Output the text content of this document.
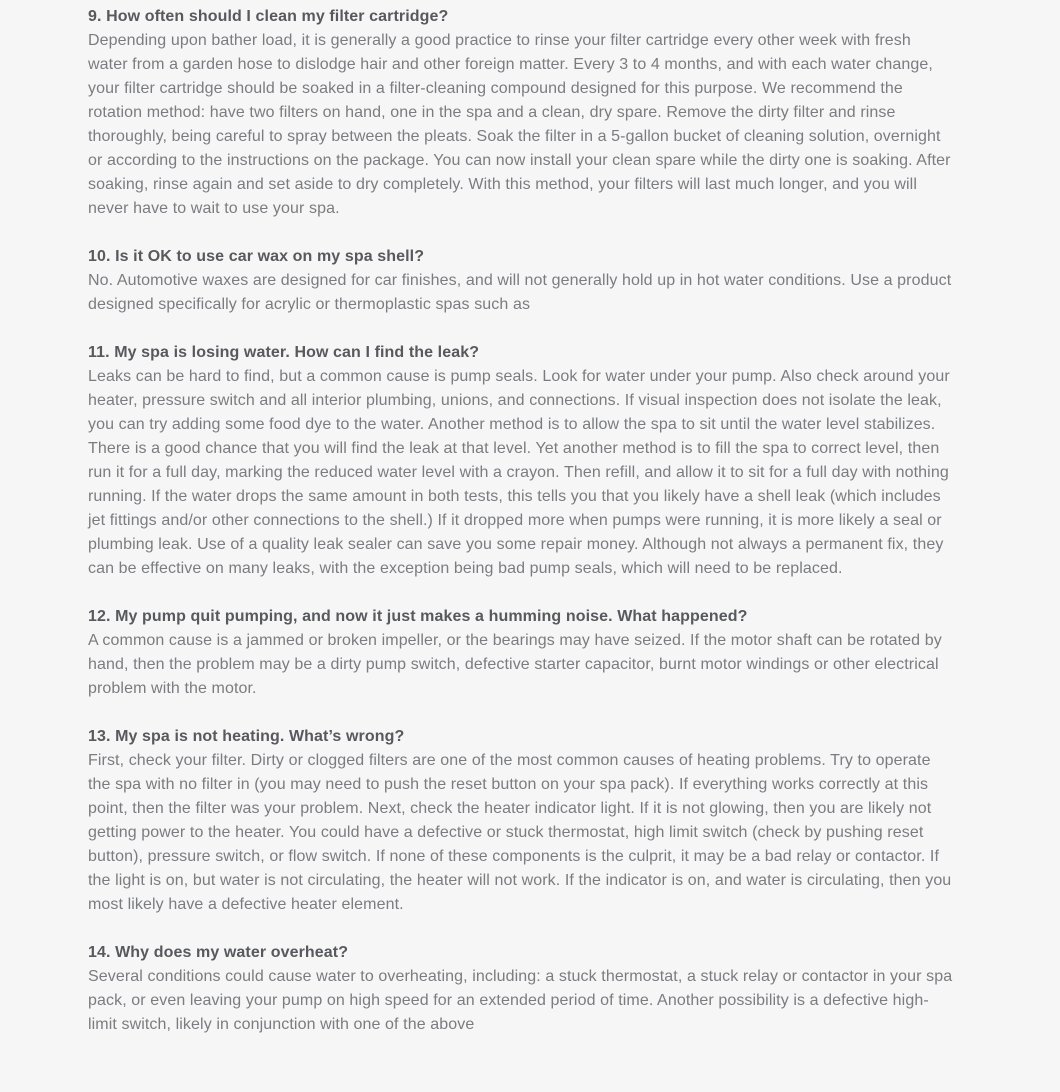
9. How often should I clean my filter cartridge?

Depending upon bather load, it is generally a good practice to rinse your filter cartridge every other week with fresh water from a garden hose to dislodge hair and other foreign matter. Every 3 to 4 months, and with each water change, your filter cartridge should be soaked in a filter-cleaning compound designed for this purpose. We recommend the rotation method: have two filters on hand, one in the spa and a clean, dry spare. Remove the dirty filter and rinse thoroughly, being careful to spray between the pleats. Soak the filter in a 5-gallon bucket of cleaning solution, overnight or according to the instructions on the package. You can now install your clean spare while the dirty one is soaking. After soaking, rinse again and set aside to dry completely. With this method, your filters will last much longer, and you will never have to wait to use your spa.

10. Is it OK to use car wax on my spa shell?

No. Automotive waxes are designed for car finishes, and will not generally hold up in hot water conditions. Use a product designed specifically for acrylic or thermoplastic spas such as

11. My spa is losing water. How can I find the leak?

Leaks can be hard to find, but a common cause is pump seals. Look for water under your pump. Also check around your heater, pressure switch and all interior plumbing, unions, and connections. If visual inspection does not isolate the leak, you can try adding some food dye to the water. Another method is to allow the spa to sit until the water level stabilizes. There is a good chance that you will find the leak at that level. Yet another method is to fill the spa to correct level, then run it for a full day, marking the reduced water level with a crayon. Then refill, and allow it to sit for a full day with nothing running. If the water drops the same amount in both tests, this tells you that you likely have a shell leak (which includes jet fittings and/or other connections to the shell.) If it dropped more when pumps were running, it is more likely a seal or plumbing leak. Use of a quality leak sealer can save you some repair money. Although not always a permanent fix, they can be effective on many leaks, with the exception being bad pump seals, which will need to be replaced.

12. My pump quit pumping, and now it just makes a humming noise. What happened?

A common cause is a jammed or broken impeller, or the bearings may have seized. If the motor shaft can be rotated by hand, then the problem may be a dirty pump switch, defective starter capacitor, burnt motor windings or other electrical problem with the motor.

13. My spa is not heating. What’s wrong?

First, check your filter. Dirty or clogged filters are one of the most common causes of heating problems. Try to operate the spa with no filter in (you may need to push the reset button on your spa pack). If everything works correctly at this point, then the filter was your problem. Next, check the heater indicator light. If it is not glowing, then you are likely not getting power to the heater. You could have a defective or stuck thermostat, high limit switch (check by pushing reset button), pressure switch, or flow switch. If none of these components is the culprit, it may be a bad relay or contactor. If the light is on, but water is not circulating, the heater will not work. If the indicator is on, and water is circulating, then you most likely have a defective heater element.

14. Why does my water overheat?

Several conditions could cause water to overheating, including: a stuck thermostat, a stuck relay or contactor in your spa pack, or even leaving your pump on high speed for an extended period of time. Another possibility is a defective high-limit switch, likely in conjunction with one of the above
